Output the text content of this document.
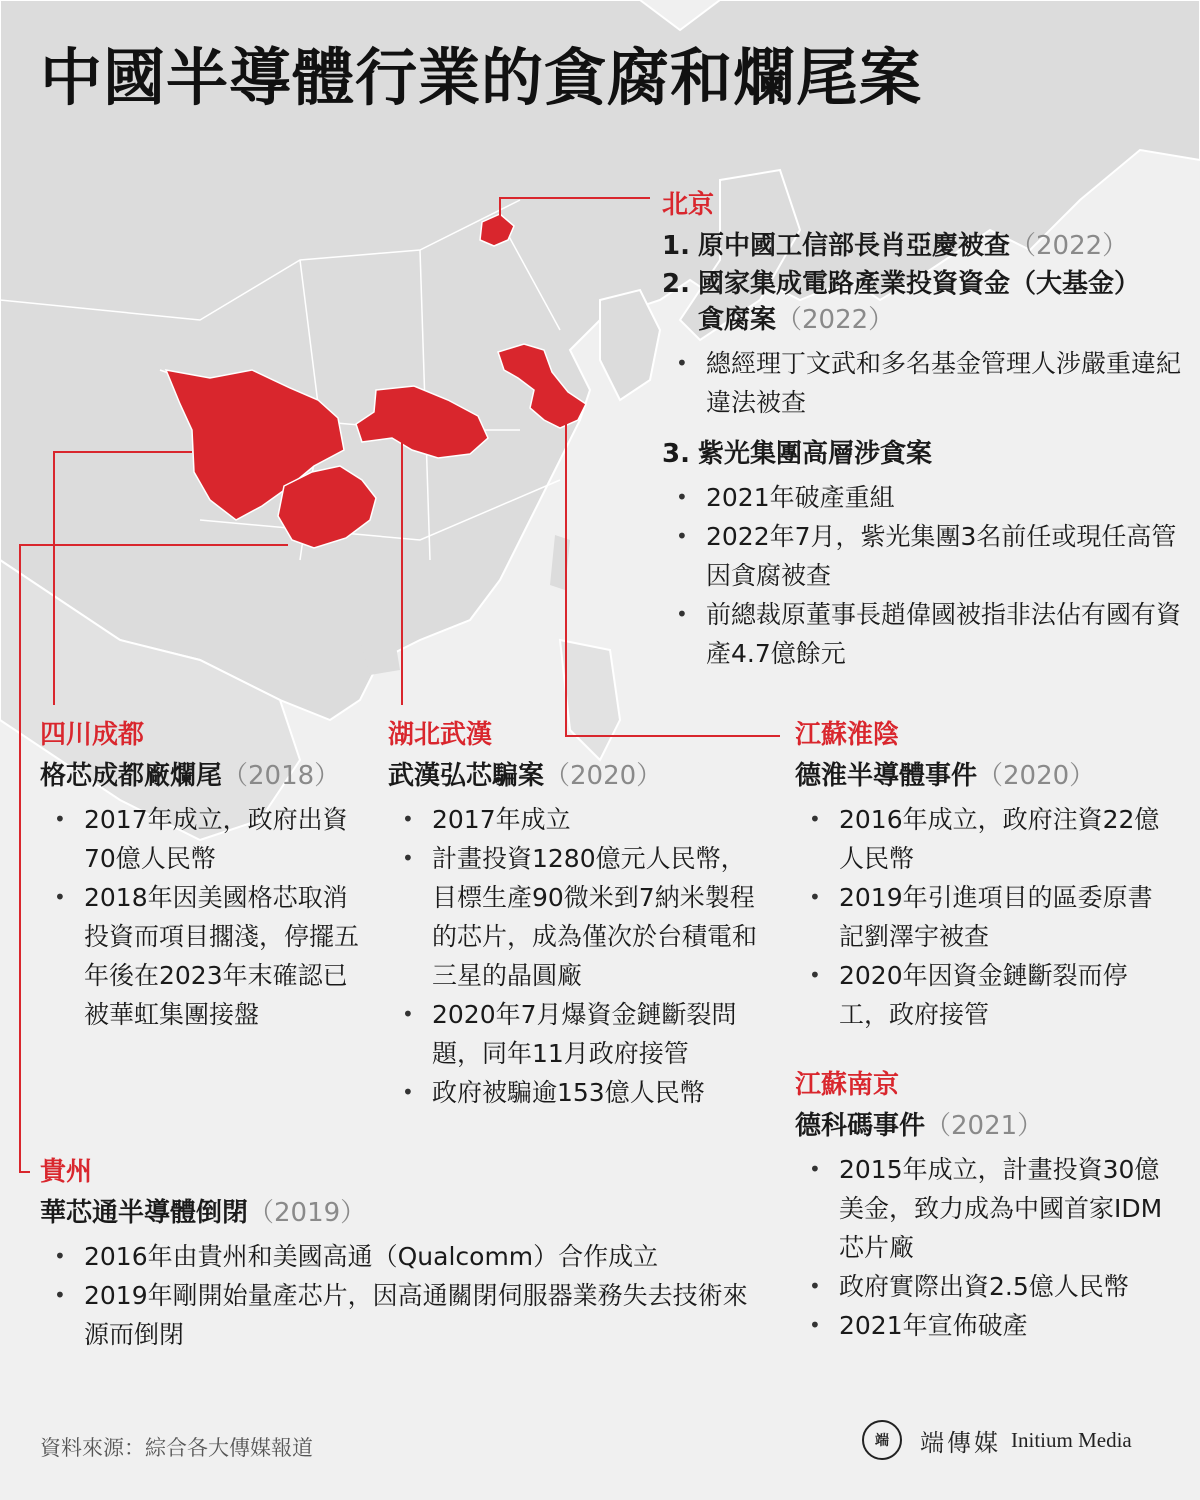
中國半導體行業的貪腐和爛尾案
北京
1. 原中國工信部長肖亞慶被查（2022）
2. 國家集成電路產業投資資金（大基金）
貪腐案（2022）
• 總經理丁文武和多名基金管理人涉嚴重違紀違法被查
3. 紫光集團高層涉貪案
• 2021年破產重組
• 2022年7月，紫光集團3名前任或現任高管因貪腐被查
• 前總裁原董事長趙偉國被指非法佔有國有資產4.7億餘元
四川成都
格芯成都廠爛尾（2018）
• 2017年成立，政府出資70億人民幣
• 2018年因美國格芯取消投資而項目擱淺，停擺五年後在2023年末確認已被華虹集團接盤
湖北武漢
武漢弘芯騙案（2020）
• 2017年成立
• 計畫投資1280億元人民幣，目標生產90微米到7納米製程的芯片，成為僅次於台積電和三星的晶圓廠
• 2020年7月爆資金鏈斷裂問題，同年11月政府接管
• 政府被騙逾153億人民幣
江蘇淮陰
德淮半導體事件（2020）
• 2016年成立，政府注資22億人民幣
• 2019年引進項目的區委原書記劉澤宇被查
• 2020年因資金鏈斷裂而停工，政府接管
江蘇南京
德科碼事件（2021）
• 2015年成立，計畫投資30億美金，致力成為中國首家IDM芯片廠
• 政府實際出資2.5億人民幣
• 2021年宣佈破產
貴州
華芯通半導體倒閉（2019）
• 2016年由貴州和美國高通（Qualcomm）合作成立
• 2019年剛開始量產芯片，因高通關閉伺服器業務失去技術來源而倒閉
資料來源：綜合各大傳媒報道	端	端傳媒 Initium Media
